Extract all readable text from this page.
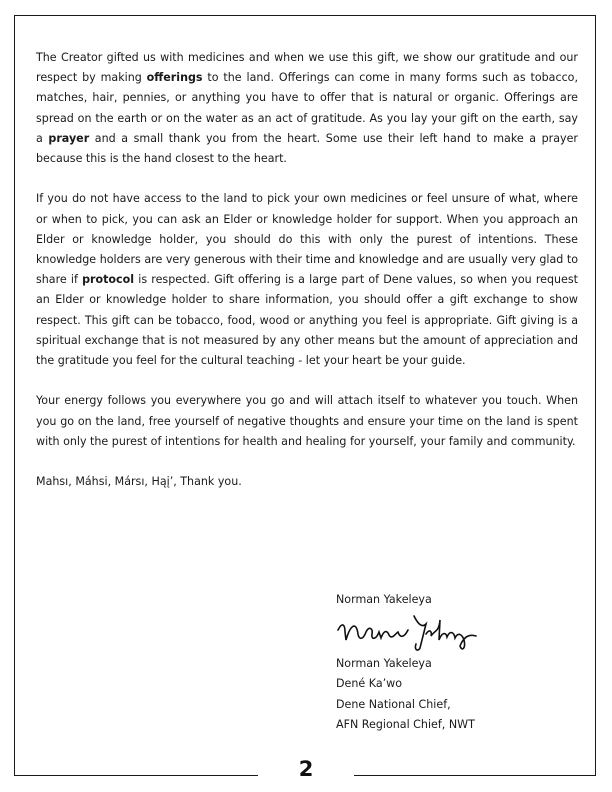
2

The Creator gifted us with medicines and when we use this gift, we show our gratitude and our respect by making offerings to the land. Offerings can come in many forms such as tobacco, matches, hair, pennies, or anything you have to offer that is natural or organic. Offerings are spread on the earth or on the water as an act of gratitude. As you lay your gift on the earth, say a prayer and a small thank you from the heart. Some use their left hand to make a prayer because this is the hand closest to the heart.

If you do not have access to the land to pick your own medicines or feel unsure of what, where or when to pick, you can ask an Elder or knowledge holder for support. When you approach an Elder or knowledge holder, you should do this with only the purest of intentions. These knowledge holders are very generous with their time and knowledge and are usually very glad to share if protocol is respected. Gift offering is a large part of Dene values, so when you request an Elder or knowledge holder to share information, you should offer a gift exchange to show respect. This gift can be tobacco, food, wood or anything you feel is appropriate. Gift giving is a spiritual exchange that is not measured by any other means but the amount of appreciation and the gratitude you feel for the cultural teaching - let your heart be your guide.

Your energy follows you everywhere you go and will attach itself to whatever you touch. When you go on the land, free yourself of negative thoughts and ensure your time on the land is spent with only the purest of intentions for health and healing for yourself, your family and community.

Mahsı, Máhsi, Mársı, Hąį’, Thank you.

Norman Yakeleya
Norman Yakeleya
Dené Ka’wo
Dene National Chief,
AFN Regional Chief, NWT
